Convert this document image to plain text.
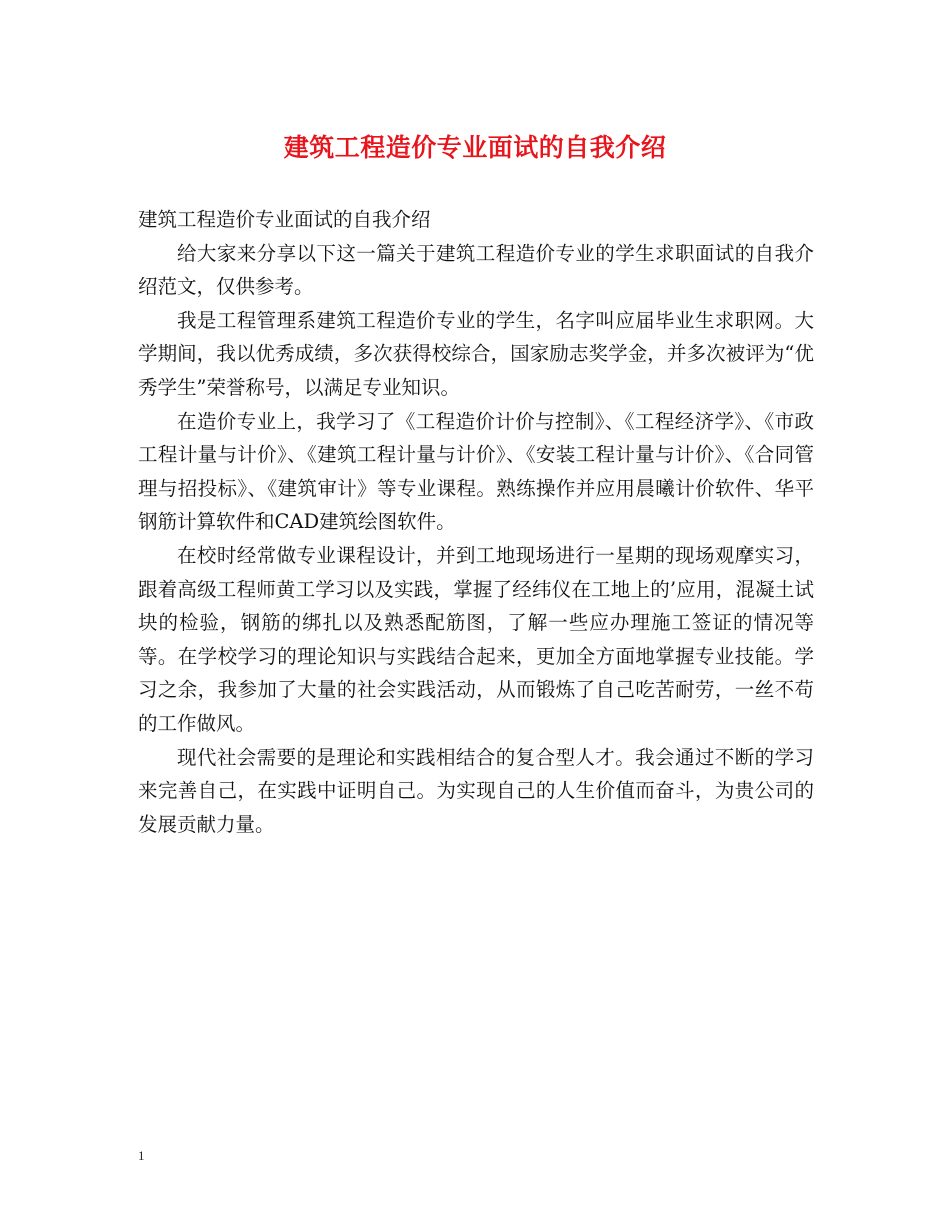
建筑工程造价专业面试的自我介绍

建筑工程造价专业面试的自我介绍

给大家来分享以下这一篇关于建筑工程造价专业的学生求职面试的自我介绍范文，仅供参考。

我是工程管理系建筑工程造价专业的学生，名字叫应届毕业生求职网。大学期间，我以优秀成绩，多次获得校综合，国家励志奖学金，并多次被评为“优秀学生”荣誉称号，以满足专业知识。

在造价专业上，我学习了《工程造价计价与控制》、《工程经济学》、《市政工程计量与计价》、《建筑工程计量与计价》、《安装工程计量与计价》、《合同管理与招投标》、《建筑审计》等专业课程。熟练操作并应用晨曦计价软件、华平钢筋计算软件和CAD建筑绘图软件。

在校时经常做专业课程设计，并到工地现场进行一星期的现场观摩实习，跟着高级工程师黄工学习以及实践，掌握了经纬仪在工地上的’应用，混凝土试块的检验，钢筋的绑扎以及熟悉配筋图，了解一些应办理施工签证的情况等等。在学校学习的理论知识与实践结合起来，更加全方面地掌握专业技能。学习之余，我参加了大量的社会实践活动，从而锻炼了自己吃苦耐劳，一丝不苟的工作做风。

现代社会需要的是理论和实践相结合的复合型人才。我会通过不断的学习来完善自己，在实践中证明自己。为实现自己的人生价值而奋斗，为贵公司的发展贡献力量。

1
